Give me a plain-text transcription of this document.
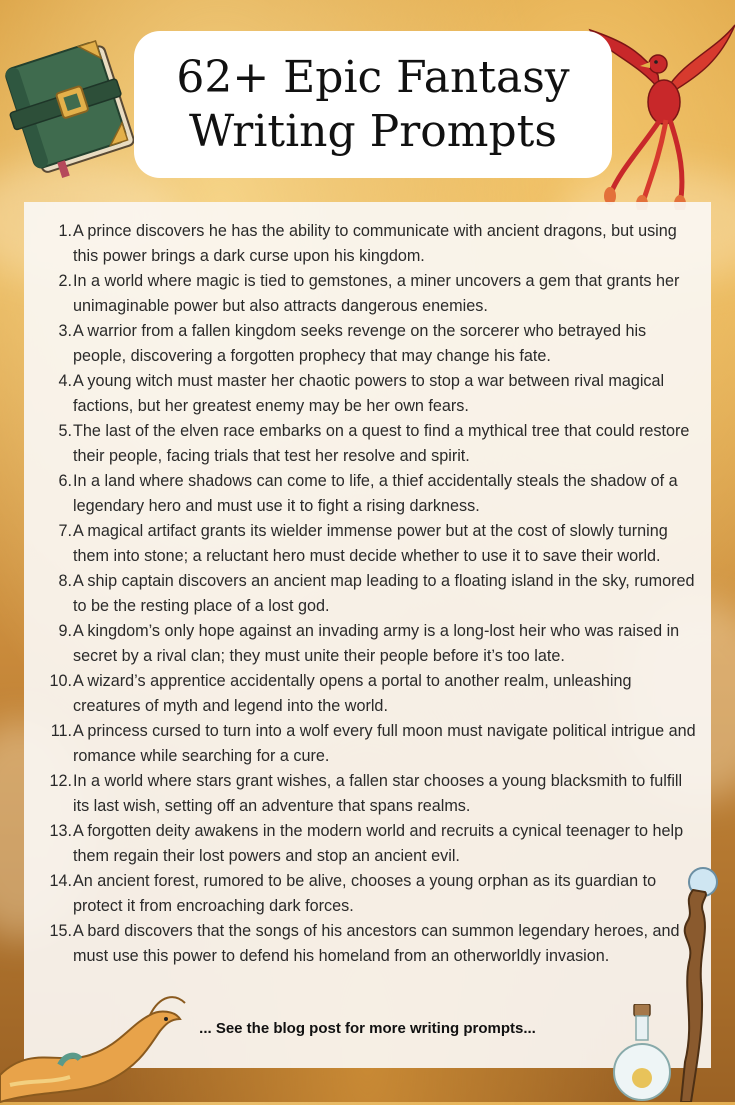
62+ Epic Fantasy
Writing Prompts
1. A prince discovers he has the ability to communicate with ancient dragons, but using this power brings a dark curse upon his kingdom.
2. In a world where magic is tied to gemstones, a miner uncovers a gem that grants her unimaginable power but also attracts dangerous enemies.
3. A warrior from a fallen kingdom seeks revenge on the sorcerer who betrayed his people, discovering a forgotten prophecy that may change his fate.
4. A young witch must master her chaotic powers to stop a war between rival magical factions, but her greatest enemy may be her own fears.
5. The last of the elven race embarks on a quest to find a mythical tree that could restore their people, facing trials that test her resolve and spirit.
6. In a land where shadows can come to life, a thief accidentally steals the shadow of a legendary hero and must use it to fight a rising darkness.
7. A magical artifact grants its wielder immense power but at the cost of slowly turning them into stone; a reluctant hero must decide whether to use it to save their world.
8. A ship captain discovers an ancient map leading to a floating island in the sky, rumored to be the resting place of a lost god.
9. A kingdom’s only hope against an invading army is a long-lost heir who was raised in secret by a rival clan; they must unite their people before it’s too late.
10. A wizard’s apprentice accidentally opens a portal to another realm, unleashing creatures of myth and legend into the world.
11. A princess cursed to turn into a wolf every full moon must navigate political intrigue and romance while searching for a cure.
12. In a world where stars grant wishes, a fallen star chooses a young blacksmith to fulfill its last wish, setting off an adventure that spans realms.
13. A forgotten deity awakens in the modern world and recruits a cynical teenager to help them regain their lost powers and stop an ancient evil.
14. An ancient forest, rumored to be alive, chooses a young orphan as its guardian to protect it from encroaching dark forces.
15. A bard discovers that the songs of his ancestors can summon legendary heroes, and must use this power to defend his homeland from an otherworldly invasion.
... See the blog post for more writing prompts...
